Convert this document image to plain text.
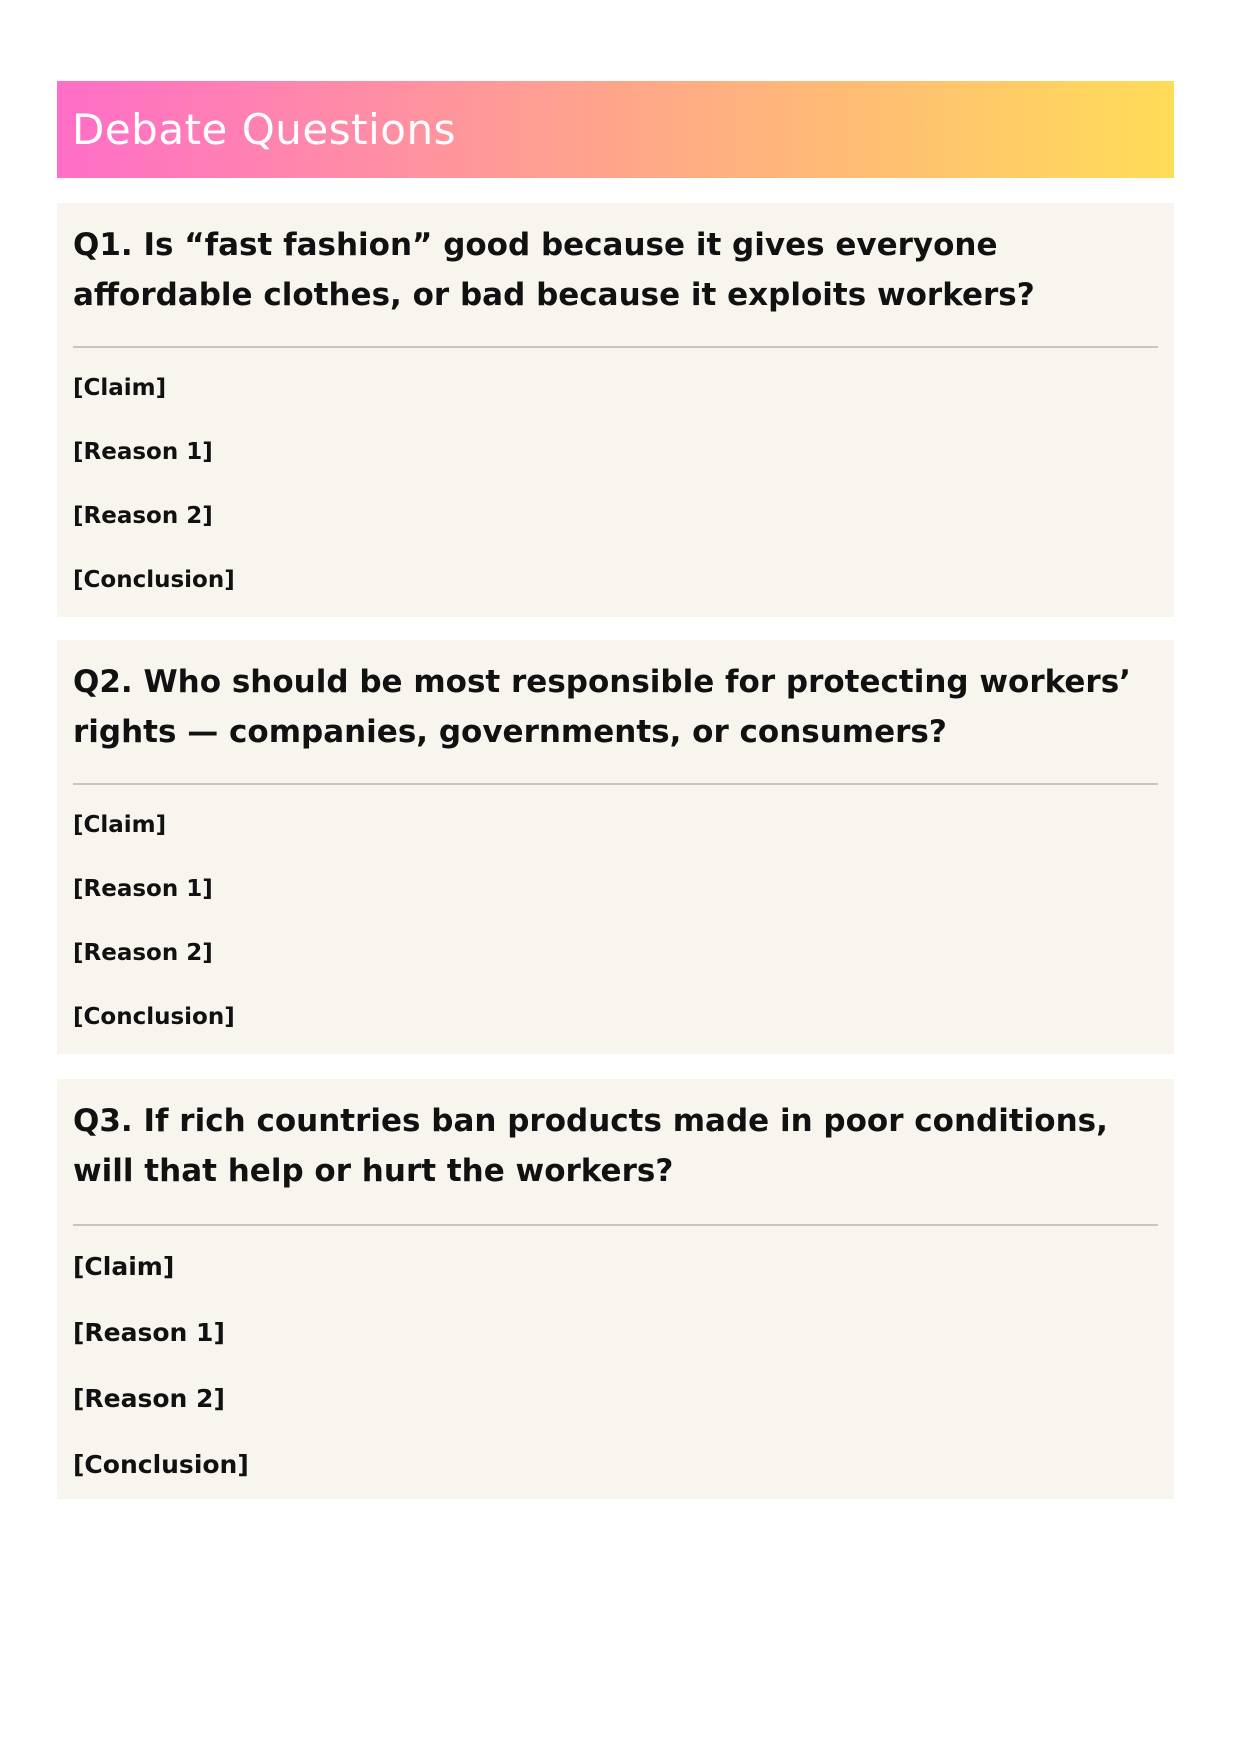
Debate Questions
Q1. Is “fast fashion” good because it gives everyone affordable clothes, or bad because it exploits workers?
[Claim]
[Reason 1]
[Reason 2]
[Conclusion]
Q2. Who should be most responsible for protecting workers’ rights — companies, governments, or consumers?
[Claim]
[Reason 1]
[Reason 2]
[Conclusion]
Q3. If rich countries ban products made in poor conditions, will that help or hurt the workers?
[Claim]
[Reason 1]
[Reason 2]
[Conclusion]
